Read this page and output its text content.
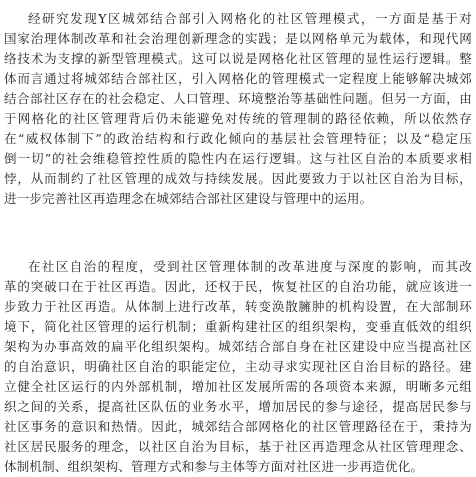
经研究发现Y区城郊结合部引入网格化的社区管理模式，一方面是基于对
国家治理体制改革和社会治理创新理念的实践；是以网格单元为载体，和现代网
络技术为支撑的新型管理模式。这可以说是网格化社区管理的显性运行逻辑。整
体而言通过将城郊结合部社区，引入网格化的管理模式一定程度上能够解决城郊
结合部社区存在的社会稳定、人口管理、环境整治等基础性问题。但另一方面，由
于网格化的社区管理背后仍未能避免对传统的管理制的路径依赖，所以依然存
在“威权体制下”的政治结构和行政化倾向的基层社会管理特征；以及“稳定压
倒一切”的社会维稳管控性质的隐性内在运行逻辑。这与社区自治的本质要求相
悖，从而制约了社区管理的成效与持续发展。因此要致力于以社区自治为目标，
进一步完善社区再造理念在城郊结合部社区建设与管理中的运用。

在社区自治的程度，受到社区管理体制的改革进度与深度的影响，而其改
革的突破口在于社区再造。因此，还权于民，恢复社区的自治功能，就应该进一
步致力于社区再造。从体制上进行改革，转变涣散臃肿的机构设置，在大部制环
境下，简化社区管理的运行机制；重新构建社区的组织架构，变垂直低效的组织
架构为办事高效的扁平化组织架构。城郊结合部自身在社区建设中应当提高社区
的自治意识，明确社区自治的职能定位，主动寻求实现社区自治目标的路径。建
立健全社区运行的内外部机制，增加社区发展所需的各项资本来源，明晰多元组
织之间的关系，提高社区队伍的业务水平，增加居民的参与途径，提高居民参与
社区事务的意识和热情。因此，城郊结合部网格化的社区管理路径在于，秉持为
社区居民服务的理念，以社区自治为目标，基于社区再造理念从社区管理理念、
体制机制、组织架构、管理方式和参与主体等方面对社区进一步再造优化。
